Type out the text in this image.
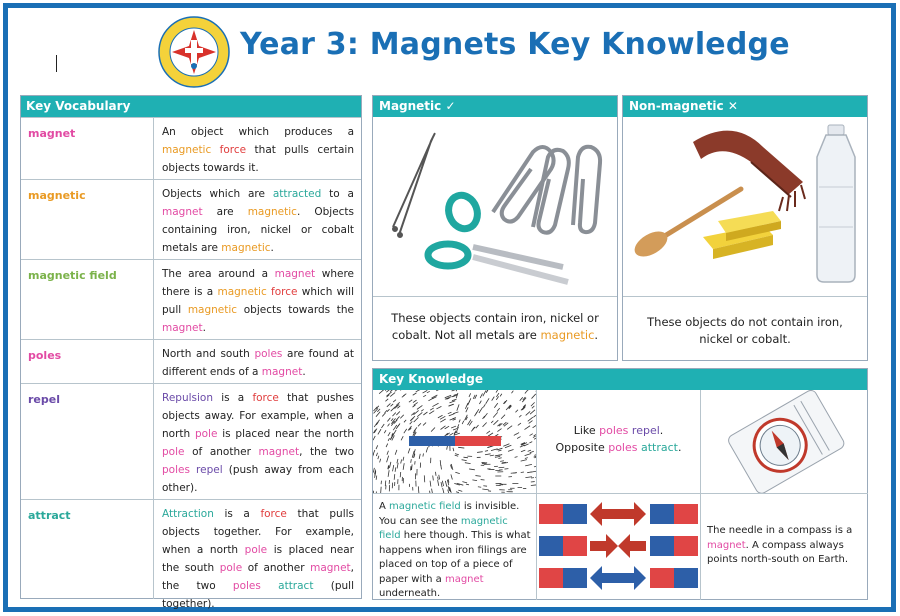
Year 3: Magnets Key Knowledge
Key Vocabulary
magnet	An object which produces a magnetic force that pulls certain objects towards it.
magnetic	Objects which are attracted to a magnet are magnetic. Objects containing iron, nickel or cobalt metals are magnetic.
magnetic field	The area around a magnet where there is a magnetic force which will pull magnetic objects towards the magnet.
poles	North and south poles are found at different ends of a magnet.
repel	Repulsion is a force that pushes objects away. For example, when a north pole is placed near the north pole of another magnet, the two poles repel (push away from each other).
attract	Attraction is a force that pulls objects together. For example, when a north pole is placed near the south pole of another magnet, the two poles attract (pull together).
Magnetic ✓
These objects contain iron, nickel or cobalt. Not all metals are magnetic.
Non-magnetic ✕
These objects do not contain iron, nickel or cobalt.
Key Knowledge
Like poles repel.
Opposite poles attract.
A magnetic field is invisible. You can see the magnetic field here though. This is what happens when iron filings are placed on top of a piece of paper with a magnet underneath.
The needle in a compass is a magnet. A compass always points north-south on Earth.
